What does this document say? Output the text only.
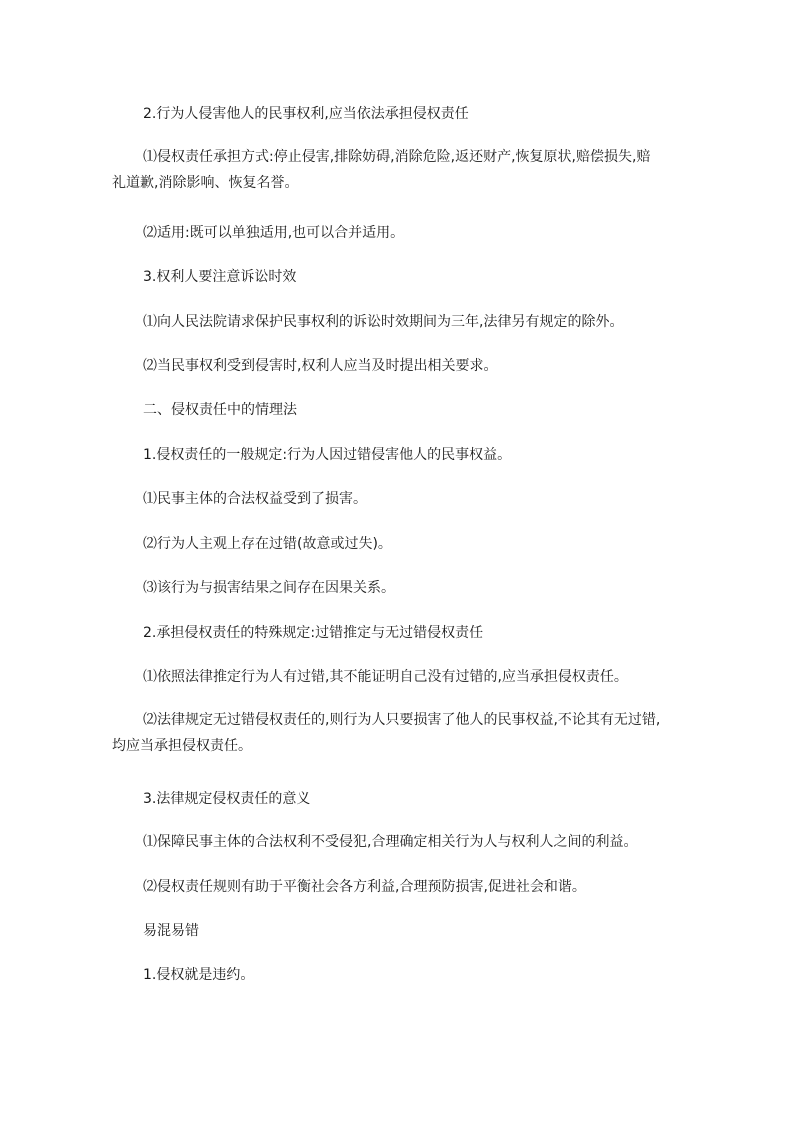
2.行为人侵害他人的民事权利,应当依法承担侵权责任
⑴侵权责任承担方式:停止侵害,排除妨碍,消除危险,返还财产,恢复原状,赔偿损失,赔
礼道歉,消除影响、恢复名誉。
⑵适用:既可以单独适用,也可以合并适用。
3.权利人要注意诉讼时效
⑴向人民法院请求保护民事权利的诉讼时效期间为三年,法律另有规定的除外。
⑵当民事权利受到侵害时,权利人应当及时提出相关要求。
二、侵权责任中的情理法
1.侵权责任的一般规定:行为人因过错侵害他人的民事权益。
⑴民事主体的合法权益受到了损害。
⑵行为人主观上存在过错(故意或过失)。
⑶该行为与损害结果之间存在因果关系。
2.承担侵权责任的特殊规定:过错推定与无过错侵权责任
⑴依照法律推定行为人有过错,其不能证明自己没有过错的,应当承担侵权责任。
⑵法律规定无过错侵权责任的,则行为人只要损害了他人的民事权益,不论其有无过错,
均应当承担侵权责任。
3.法律规定侵权责任的意义
⑴保障民事主体的合法权利不受侵犯,合理确定相关行为人与权利人之间的利益。
⑵侵权责任规则有助于平衡社会各方利益,合理预防损害,促进社会和谐。
易混易错
1.侵权就是违约。
